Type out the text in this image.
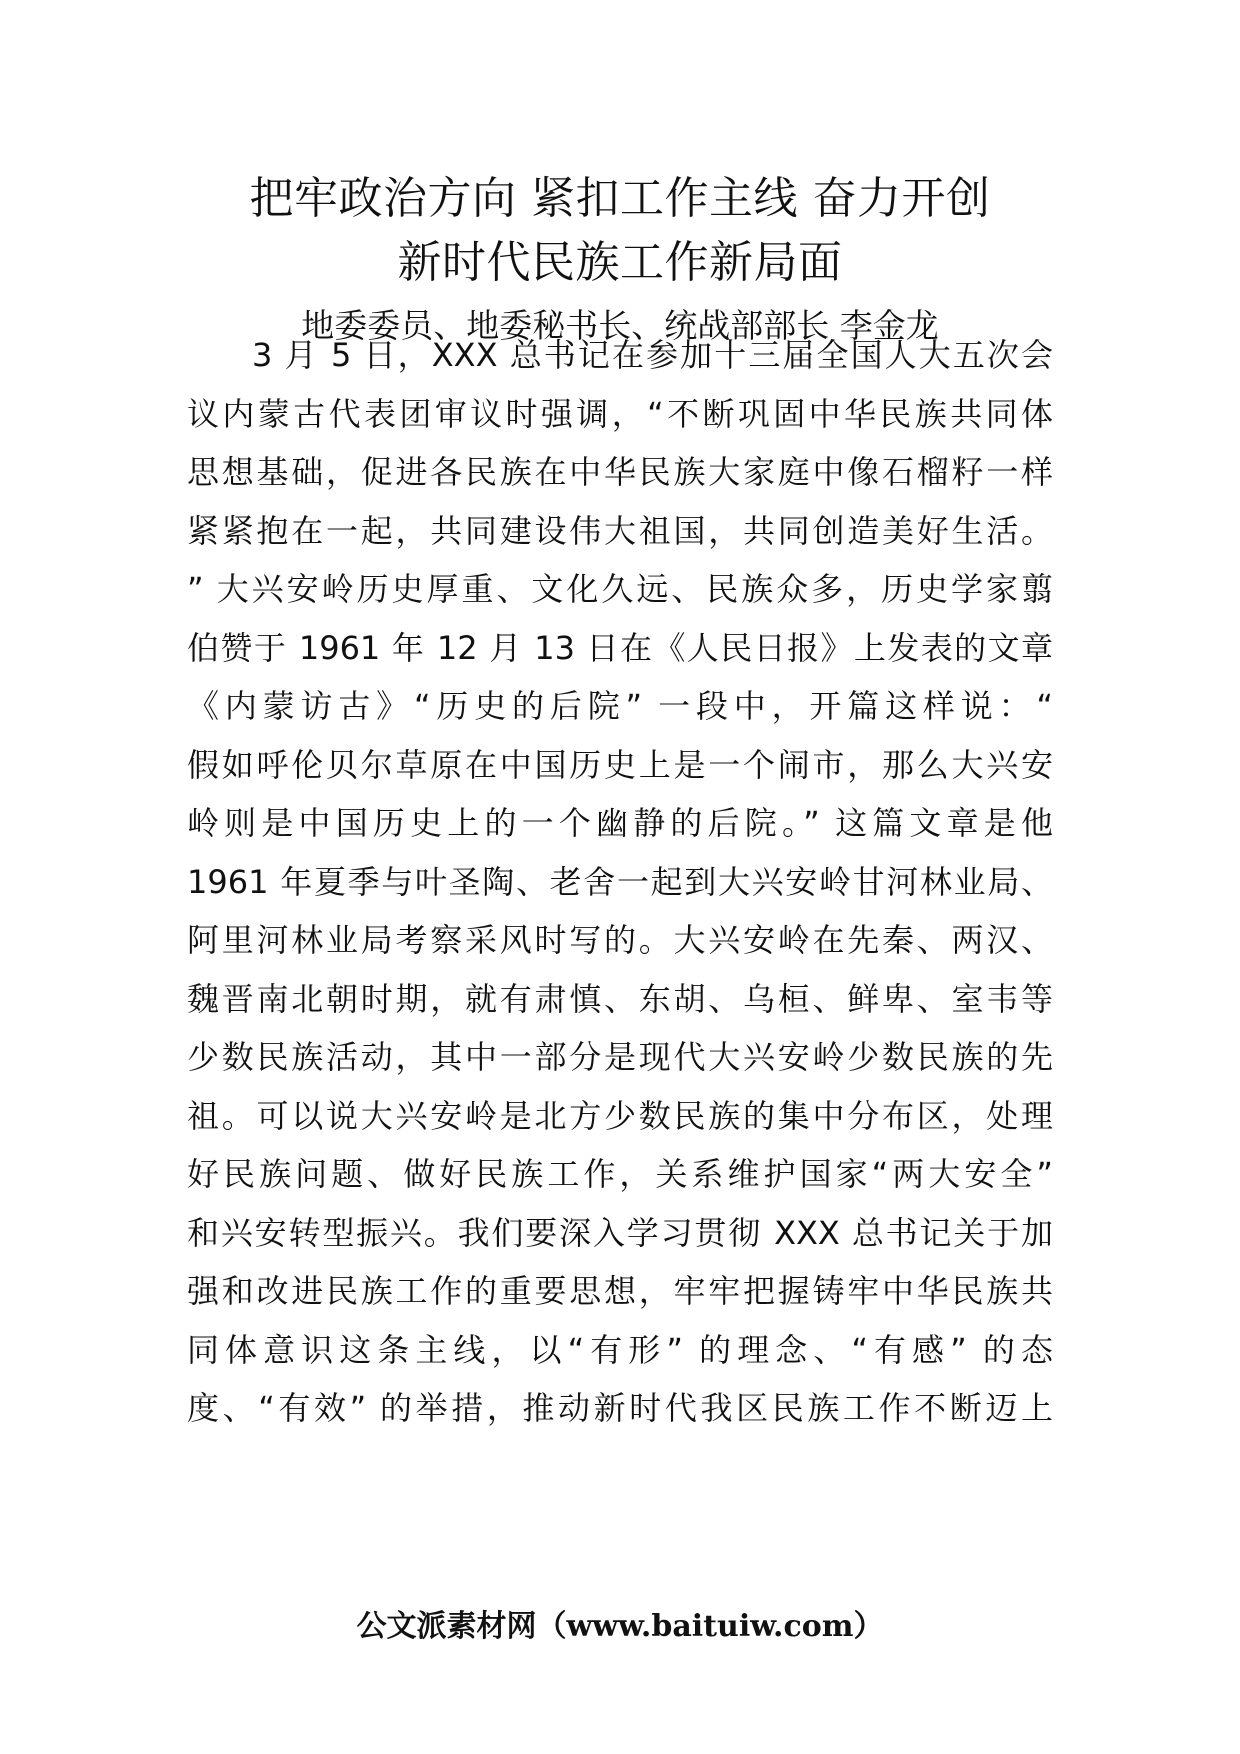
把牢政治方向 紧扣工作主线 奋力开创
新时代民族工作新局面

地委委员、地委秘书长、统战部部长 李金龙

3 月 5 日，XXX 总书记在参加十三届全国人大五次会

议内蒙古代表团审议时强调，“不断巩固中华民族共同体

思想基础，促进各民族在中华民族大家庭中像石榴籽一样

紧紧抱在一起，共同建设伟大祖国，共同创造美好生活。

” 大兴安岭历史厚重、文化久远、民族众多，历史学家翦

伯赞于 1961 年 12 月 13 日在《人民日报》上发表的文章

《内蒙访古》“历史的后院” 一段中，开篇这样说：“

假如呼伦贝尔草原在中国历史上是一个闹市，那么大兴安

岭则是中国历史上的一个幽静的后院。” 这篇文章是他

1961 年夏季与叶圣陶、老舍一起到大兴安岭甘河林业局、

阿里河林业局考察采风时写的。大兴安岭在先秦、两汉、

魏晋南北朝时期，就有肃慎、东胡、乌桓、鲜卑、室韦等

少数民族活动，其中一部分是现代大兴安岭少数民族的先

祖。可以说大兴安岭是北方少数民族的集中分布区，处理

好民族问题、做好民族工作，关系维护国家“两大安全”

和兴安转型振兴。我们要深入学习贯彻 XXX 总书记关于加

强和改进民族工作的重要思想，牢牢把握铸牢中华民族共

同体意识这条主线，以“有形” 的理念、“有感” 的态

度、“有效” 的举措，推动新时代我区民族工作不断迈上

公文派素材网（www.baituiw.com）
